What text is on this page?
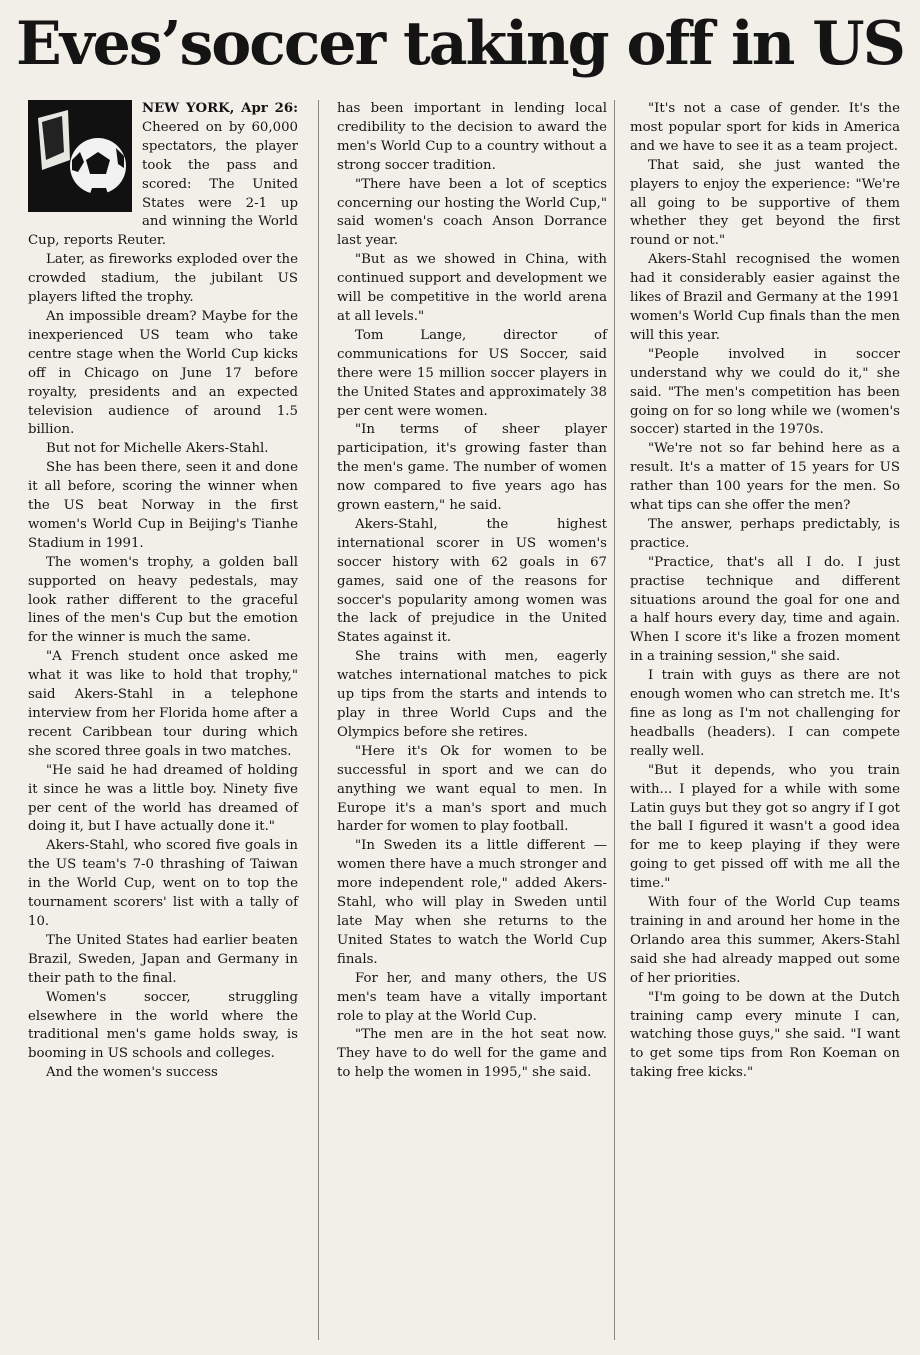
Eves’soccer taking off in US

NEW YORK, Apr 26: Cheered on by 60,000 spectators, the player took the pass and scored: The United States were 2-1 up and winning the World Cup, reports Reuter.

Later, as fireworks exploded over the crowded stadium, the jubilant US players lifted the trophy.

An impossible dream? Maybe for the inexperienced US team who take centre stage when the World Cup kicks off in Chicago on June 17 before royalty, presidents and an expected television audience of around 1.5 billion.

But not for Michelle Akers-Stahl.

She has been there, seen it and done it all before, scoring the winner when the US beat Norway in the first women's World Cup in Beijing's Tianhe Stadium in 1991.

The women's trophy, a golden ball supported on heavy pedestals, may look rather different to the graceful lines of the men's Cup but the emotion for the winner is much the same.

"A French student once asked me what it was like to hold that trophy," said Akers-Stahl in a telephone interview from her Florida home after a recent Caribbean tour during which she scored three goals in two matches.

"He said he had dreamed of holding it since he was a little boy. Ninety five per cent of the world has dreamed of doing it, but I have actually done it."

Akers-Stahl, who scored five goals in the US team's 7-0 thrashing of Taiwan in the World Cup, went on to top the tournament scorers' list with a tally of 10.

The United States had earlier beaten Brazil, Sweden, Japan and Germany in their path to the final.

Women's soccer, struggling elsewhere in the world where the traditional men's game holds sway, is booming in US schools and colleges.

And the women's success

has been important in lending local credibility to the decision to award the men's World Cup to a country without a strong soccer tradition.

"There have been a lot of sceptics concerning our hosting the World Cup," said women's coach Anson Dorrance last year.

"But as we showed in China, with continued support and development we will be competitive in the world arena at all levels."

Tom Lange, director of communications for US Soccer, said there were 15 million soccer players in the United States and approximately 38 per cent were women.

"In terms of sheer player participation, it's growing faster than the men's game. The number of women now compared to five years ago has grown eastern," he said.

Akers-Stahl, the highest international scorer in US women's soccer history with 62 goals in 67 games, said one of the reasons for soccer's popularity among women was the lack of prejudice in the United States against it.

She trains with men, eagerly watches international matches to pick up tips from the starts and intends to play in three World Cups and the Olympics before she retires.

"Here it's Ok for women to be successful in sport and we can do anything we want equal to men. In Europe it's a man's sport and much harder for women to play football.

"In Sweden its a little different — women there have a much stronger and more independent role," added Akers-Stahl, who will play in Sweden until late May when she returns to the United States to watch the World Cup finals.

For her, and many others, the US men's team have a vitally important role to play at the World Cup.

"The men are in the hot seat now. They have to do well for the game and to help the women in 1995," she said.

"It's not a case of gender. It's the most popular sport for kids in America and we have to see it as a team project.

That said, she just wanted the players to enjoy the experience: "We're all going to be supportive of them whether they get beyond the first round or not."

Akers-Stahl recognised the women had it considerably easier against the likes of Brazil and Germany at the 1991 women's World Cup finals than the men will this year.

"People involved in soccer understand why we could do it," she said. "The men's competition has been going on for so long while we (women's soccer) started in the 1970s.

"We're not so far behind here as a result. It's a matter of 15 years for US rather than 100 years for the men. So what tips can she offer the men?

The answer, perhaps predictably, is practice.

"Practice, that's all I do. I just practise technique and different situations around the goal for one and a half hours every day, time and again. When I score it's like a frozen moment in a training session," she said.

I train with guys as there are not enough women who can stretch me. It's fine as long as I'm not challenging for headballs (headers). I can compete really well.

"But it depends, who you train with... I played for a while with some Latin guys but they got so angry if I got the ball I figured it wasn't a good idea for me to keep playing if they were going to get pissed off with me all the time."

With four of the World Cup teams training in and around her home in the Orlando area this summer, Akers-Stahl said she had already mapped out some of her priorities.

"I'm going to be down at the Dutch training camp every minute I can, watching those guys," she said. "I want to get some tips from Ron Koeman on taking free kicks."
